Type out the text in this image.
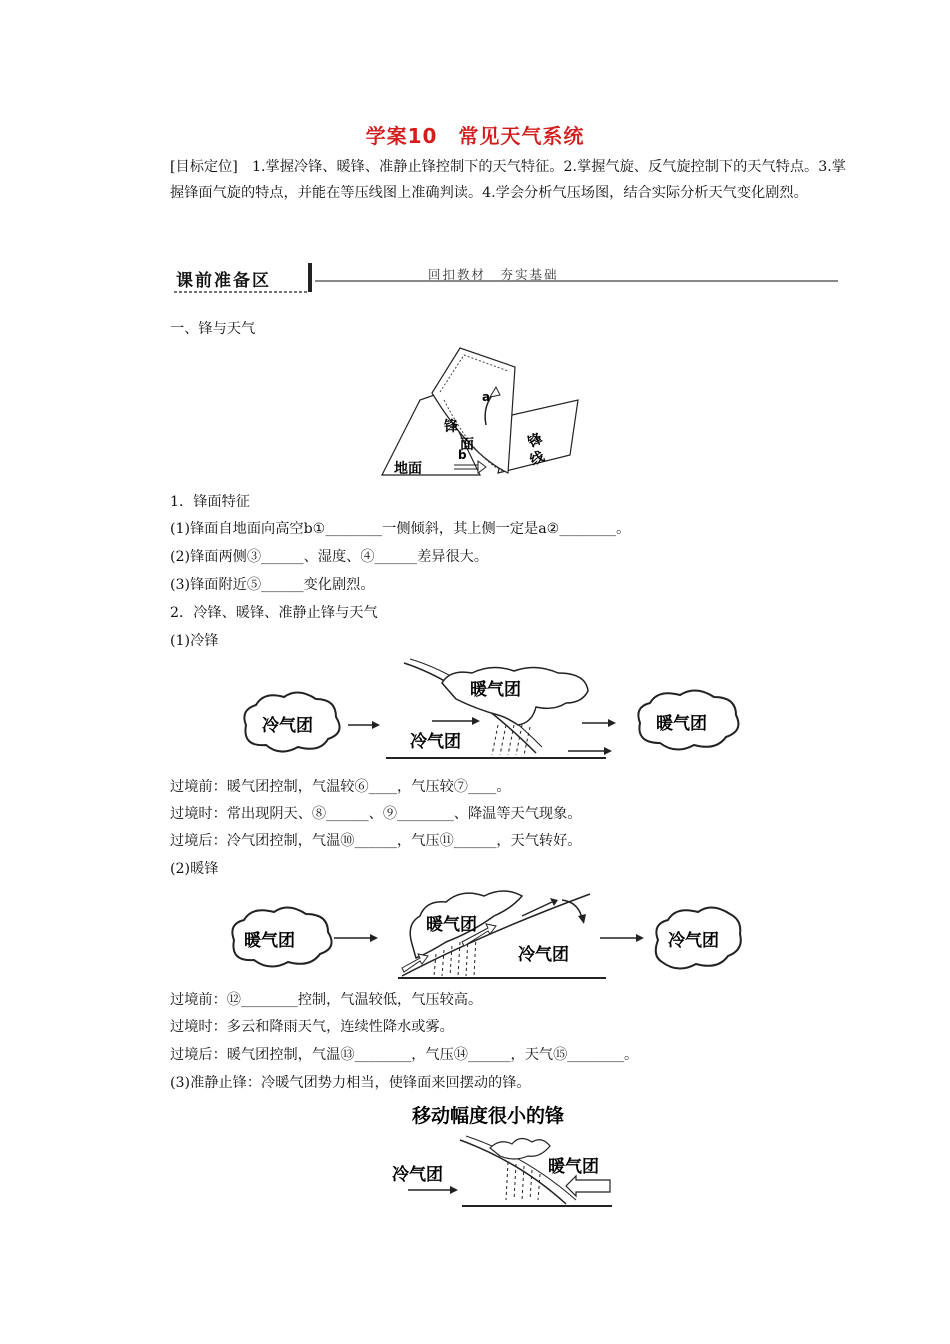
学案10　常见天气系统
[目标定位]　1.掌握冷锋、暖锋、准静止锋控制下的天气特征。2.掌握气旋、反气旋控制下的天气特点。3.掌握锋面气旋的特点，并能在等压线图上准确判读。4.学会分析气压场图，结合实际分析天气变化剧烈。
课前准备区	回扣教材　夯实基础
一、锋与天气
a
锋
面
b
地面
锋
线
1．锋面特征
(1)锋面自地面向高空b①________一侧倾斜，其上侧一定是a②________。
(2)锋面两侧③______、湿度、④______差异很大。
(3)锋面附近⑤______变化剧烈。
2．冷锋、暖锋、准静止锋与天气
(1)冷锋
冷气团
暖气团
冷气团
暖气团
过境前：暖气团控制，气温较⑥____，气压较⑦____。
过境时：常出现阴天、⑧______、⑨________、降温等天气现象。
过境后：冷气团控制，气温⑩______，气压⑪______，天气转好。
(2)暖锋
暖气团
暖气团
冷气团
冷气团
过境前：⑫________控制，气温较低，气压较高。
过境时：多云和降雨天气，连续性降水或雾。
过境后：暖气团控制，气温⑬________，气压⑭______，天气⑮________。
(3)准静止锋：冷暖气团势力相当，使锋面来回摆动的锋。
移动幅度很小的锋
冷气团	暖气团
